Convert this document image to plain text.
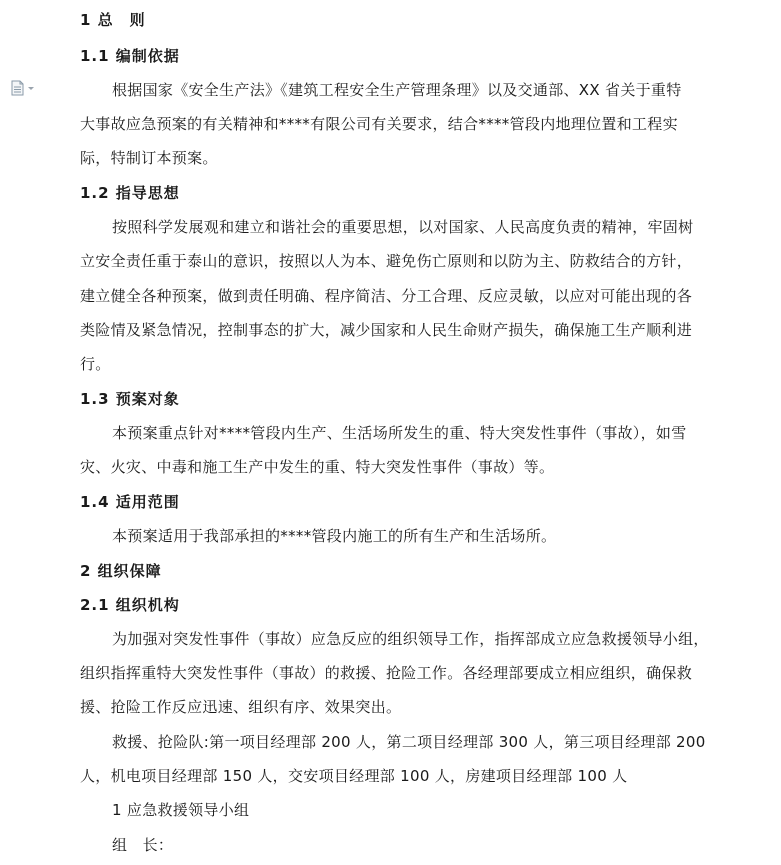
1 总　则
1.1 编制依据
根据国家《安全生产法》《建筑工程安全生产管理条理》以及交通部、XX 省关于重特
大事故应急预案的有关精神和****有限公司有关要求，结合****管段内地理位置和工程实
际，特制订本预案。
1.2 指导思想
按照科学发展观和建立和谐社会的重要思想，以对国家、人民高度负责的精神，牢固树
立安全责任重于泰山的意识，按照以人为本、避免伤亡原则和以防为主、防救结合的方针，
建立健全各种预案，做到责任明确、程序简洁、分工合理、反应灵敏，以应对可能出现的各
类险情及紧急情况，控制事态的扩大，减少国家和人民生命财产损失，确保施工生产顺利进
行。
1.3 预案对象
本预案重点针对****管段内生产、生活场所发生的重、特大突发性事件（事故），如雪
灾、火灾、中毒和施工生产中发生的重、特大突发性事件（事故）等。
1.4 适用范围
本预案适用于我部承担的****管段内施工的所有生产和生活场所。
2 组织保障
2.1 组织机构
为加强对突发性事件（事故）应急反应的组织领导工作，指挥部成立应急救援领导小组，
组织指挥重特大突发性事件（事故）的救援、抢险工作。各经理部要成立相应组织，确保救
援、抢险工作反应迅速、组织有序、效果突出。
救援、抢险队:第一项目经理部 200 人，第二项目经理部 300 人，第三项目经理部 200
人，机电项目经理部 150 人，交安项目经理部 100 人，房建项目经理部 100 人
1 应急救援领导小组
组　长：
